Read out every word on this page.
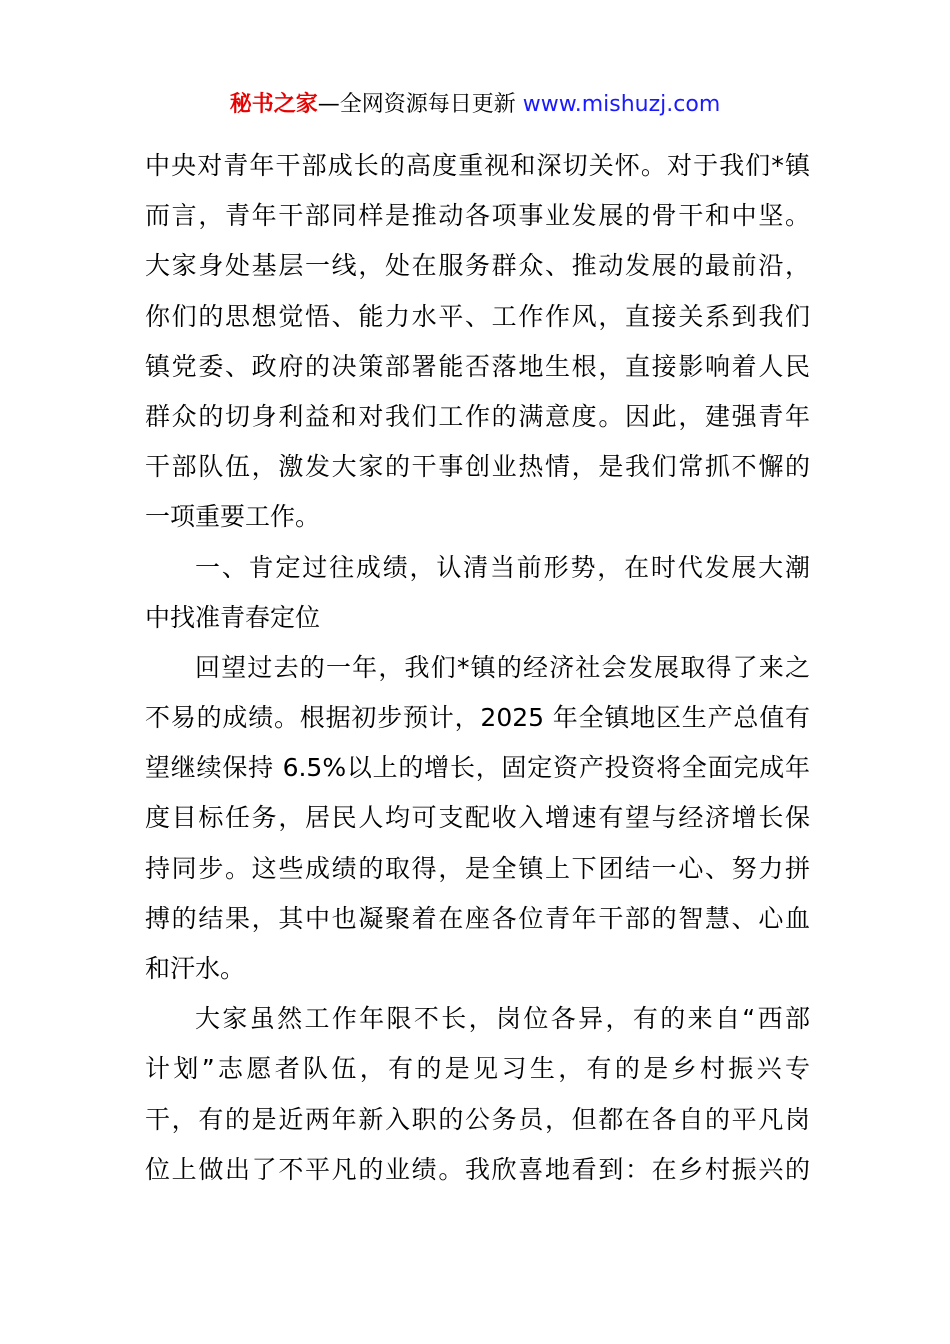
秘书之家—全网资源每日更新 www.mishuzj.com
中央对青年干部成长的高度重视和深切关怀。对于我们*镇
而言，青年干部同样是推动各项事业发展的骨干和中坚。
大家身处基层一线，处在服务群众、推动发展的最前沿，
你们的思想觉悟、能力水平、工作作风，直接关系到我们
镇党委、政府的决策部署能否落地生根，直接影响着人民
群众的切身利益和对我们工作的满意度。因此，建强青年
干部队伍，激发大家的干事创业热情，是我们常抓不懈的
一项重要工作。
一、肯定过往成绩，认清当前形势，在时代发展大潮
中找准青春定位
回望过去的一年，我们*镇的经济社会发展取得了来之
不易的成绩。根据初步预计，2025 年全镇地区生产总值有
望继续保持 6.5%以上的增长，固定资产投资将全面完成年
度目标任务，居民人均可支配收入增速有望与经济增长保
持同步。这些成绩的取得，是全镇上下团结一心、努力拼
搏的结果，其中也凝聚着在座各位青年干部的智慧、心血
和汗水。
大家虽然工作年限不长，岗位各异，有的来自“西部
计划”志愿者队伍，有的是见习生，有的是乡村振兴专
干，有的是近两年新入职的公务员，但都在各自的平凡岗
位上做出了不平凡的业绩。我欣喜地看到：在乡村振兴的
